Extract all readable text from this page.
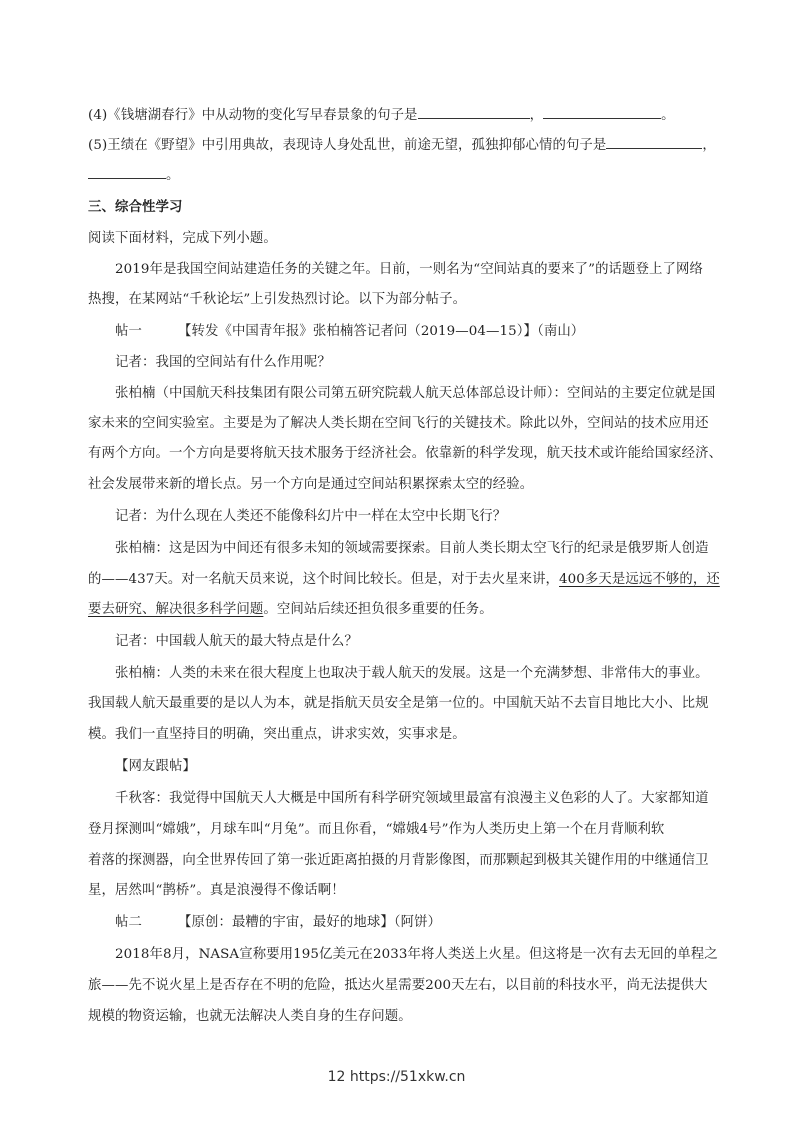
(4)《钱塘湖春行》中从动物的变化写早春景象的句子是	，	。
(5)王绩在《野望》中引用典故，表现诗人身处乱世，前途无望，孤独抑郁心情的句子是	，
。
三、综合性学习
阅读下面材料，完成下列小题。
2019年是我国空间站建造任务的关键之年。日前，一则名为“空间站真的要来了”的话题登上了网络
热搜，在某网站“千秋论坛”上引发热烈讨论。以下为部分帖子。
帖一	【转发《中国青年报》张柏楠答记者问（2019—04—15）】（南山）
记者：我国的空间站有什么作用呢？
张柏楠（中国航天科技集团有限公司第五研究院载人航天总体部总设计师）：空间站的主要定位就是国
家未来的空间实验室。主要是为了解决人类长期在空间飞行的关键技术。除此以外，空间站的技术应用还
有两个方向。一个方向是要将航天技术服务于经济社会。依靠新的科学发现，航天技术或许能给国家经济、
社会发展带来新的增长点。另一个方向是通过空间站积累探索太空的经验。
记者：为什么现在人类还不能像科幻片中一样在太空中长期飞行？
张柏楠：这是因为中间还有很多未知的领域需要探索。目前人类长期太空飞行的纪录是俄罗斯人创造
的——437天。对一名航天员来说，这个时间比较长。但是，对于去火星来讲，400多天是远远不够的，还
要去研究、解决很多科学问题。空间站后续还担负很多重要的任务。
记者：中国载人航天的最大特点是什么？
张柏楠：人类的未来在很大程度上也取决于载人航天的发展。这是一个充满梦想、非常伟大的事业。
我国载人航天最重要的是以人为本，就是指航天员安全是第一位的。中国航天站不去盲目地比大小、比规
模。我们一直坚持目的明确，突出重点，讲求实效，实事求是。
【网友跟帖】
千秋客：我觉得中国航天人大概是中国所有科学研究领域里最富有浪漫主义色彩的人了。大家都知道
登月探测叫“嫦娥”，月球车叫“月兔”。而且你看，“嫦娥4号”作为人类历史上第一个在月背顺利软
着落的探测器，向全世界传回了第一张近距离拍摄的月背影像图，而那颗起到极其关键作用的中继通信卫
星，居然叫“鹊桥”。真是浪漫得不像话啊！
帖二	【原创：最糟的宇宙，最好的地球】（阿饼）
2018年8月，NASA宣称要用195亿美元在2033年将人类送上火星。但这将是一次有去无回的单程之
旅——先不说火星上是否存在不明的危险，抵达火星需要200天左右，以目前的科技水平，尚无法提供大
规模的物资运输，也就无法解决人类自身的生存问题。
12 https://51xkw.cn
